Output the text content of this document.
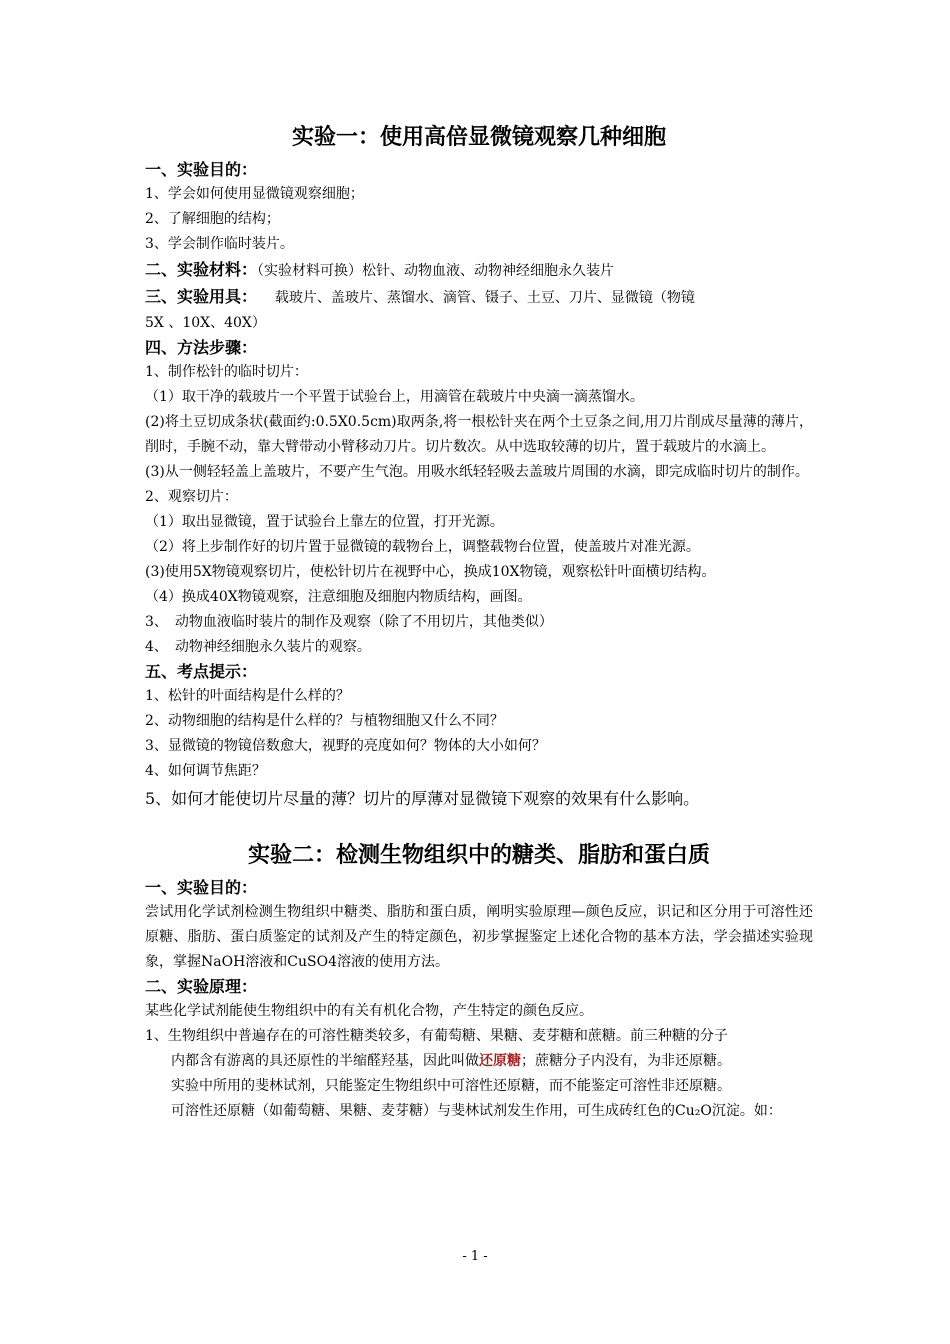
实验一：使用高倍显微镜观察几种细胞

一、实验目的：

1、学会如何使用显微镜观察细胞；

2、了解细胞的结构；

3、学会制作临时装片。

二、实验材料：（实验材料可换）松针、动物血液、动物神经细胞永久装片

三、实验用具： 载玻片、盖玻片、蒸馏水、滴管、镊子、土豆、刀片、显微镜（物镜

5X 、10X、40X）

四、方法步骤：

1、制作松针的临时切片：

（1）取干净的载玻片一个平置于试验台上，用滴管在载玻片中央滴一滴蒸馏水。

(2)将土豆切成条状(截面约:0.5X0.5cm)取两条,将一根松针夹在两个土豆条之间,用刀片削成尽量薄的薄片，削时，手腕不动，靠大臂带动小臂移动刀片。切片数次。从中选取较薄的切片，置于载玻片的水滴上。

(3)从一侧轻轻盖上盖玻片，不要产生气泡。用吸水纸轻轻吸去盖玻片周围的水滴，即完成临时切片的制作。

2、观察切片：

（1）取出显微镜，置于试验台上靠左的位置，打开光源。

（2）将上步制作好的切片置于显微镜的载物台上，调整载物台位置，使盖玻片对准光源。

(3)使用5X物镜观察切片，使松针切片在视野中心，换成10X物镜，观察松针叶面横切结构。

（4）换成40X物镜观察，注意细胞及细胞内物质结构，画图。

3、　动物血液临时装片的制作及观察（除了不用切片，其他类似）

4、　动物神经细胞永久装片的观察。

五、考点提示：

1、松针的叶面结构是什么样的？

2、动物细胞的结构是什么样的？与植物细胞又什么不同？

3、显微镜的物镜倍数愈大，视野的亮度如何？物体的大小如何？

4、如何调节焦距？

5、如何才能使切片尽量的薄？切片的厚薄对显微镜下观察的效果有什么影响。

实验二：检测生物组织中的糖类、脂肪和蛋白质

一、实验目的：

尝试用化学试剂检测生物组织中糖类、脂肪和蛋白质，阐明实验原理—颜色反应，识记和区分用于可溶性还原糖、脂肪、蛋白质鉴定的试剂及产生的特定颜色，初步掌握鉴定上述化合物的基本方法，学会描述实验现象，掌握NaOH溶液和CuSO4溶液的使用方法。

二、实验原理：

某些化学试剂能使生物组织中的有关有机化合物，产生特定的颜色反应。

1、生物组织中普遍存在的可溶性糖类较多，有葡萄糖、果糖、麦芽糖和蔗糖。前三种糖的分子

内都含有游离的具还原性的半缩醛羟基，因此叫做还原糖；蔗糖分子内没有，为非还原糖。

实验中所用的斐林试剂，只能鉴定生物组织中可溶性还原糖，而不能鉴定可溶性非还原糖。

可溶性还原糖（如葡萄糖、果糖、麦芽糖）与斐林试剂发生作用，可生成砖红色的Cu₂O沉淀。如：

- 1 -
